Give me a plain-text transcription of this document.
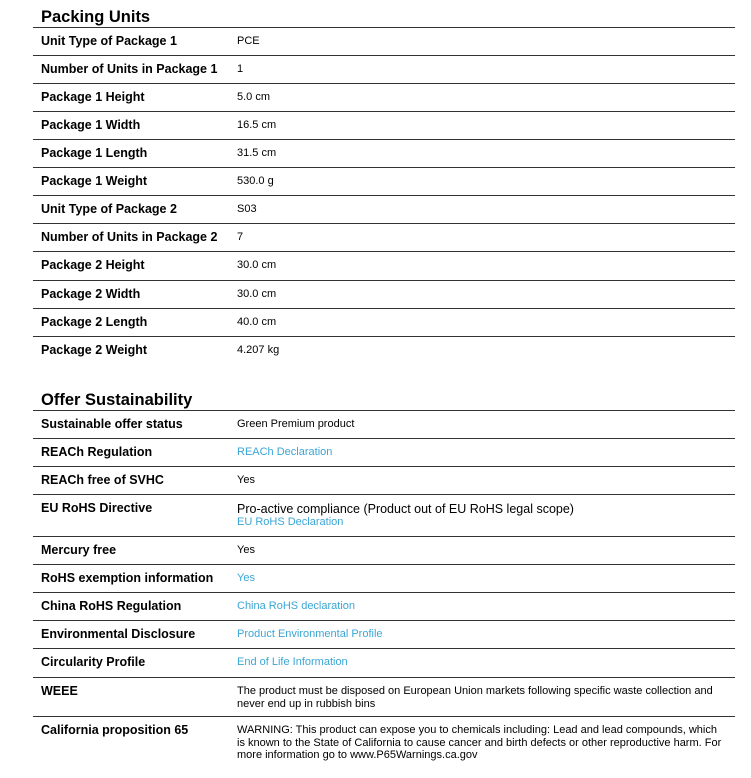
Packing Units
Unit Type of Package 1	PCE
Number of Units in Package 1	1
Package 1 Height	5.0 cm
Package 1 Width	16.5 cm
Package 1 Length	31.5 cm
Package 1 Weight	530.0 g
Unit Type of Package 2	S03
Number of Units in Package 2	7
Package 2 Height	30.0 cm
Package 2 Width	30.0 cm
Package 2 Length	40.0 cm
Package 2 Weight	4.207 kg
Offer Sustainability
Sustainable offer status	Green Premium product
REACh Regulation	REACh Declaration
REACh free of SVHC	Yes
EU RoHS Directive	Pro-active compliance (Product out of EU RoHS legal scope)
EU RoHS Declaration
Mercury free	Yes
RoHS exemption information	Yes
China RoHS Regulation	China RoHS declaration
Environmental Disclosure	Product Environmental Profile
Circularity Profile	End of Life Information
WEEE	The product must be disposed on European Union markets following specific waste collection and never end up in rubbish bins
California proposition 65	WARNING: This product can expose you to chemicals including: Lead and lead compounds, which is known to the State of California to cause cancer and birth defects or other reproductive harm. For more information go to www.P65Warnings.ca.gov
